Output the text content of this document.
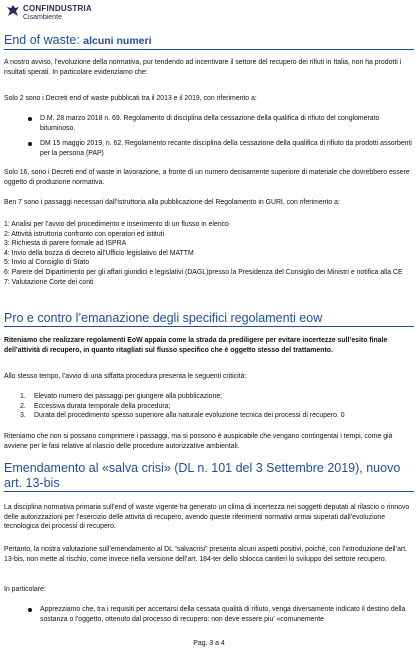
CONFINDUSTRIA
Cisambiente
End of waste: alcuni numeri
A nostro avviso, l’evoluzione della normativa, pur tendendo ad incentivare il settore del recupero dei rifiuti in Italia, non ha prodotti i risultati sperati. In particolare evidenziamo che:
Solo 2 sono i Decreti end of waste pubblicati tra il 2013 e il 2019, con riferimento a:
D.M. 28 marzo 2018 n. 69. Regolamento di disciplina della cessazione della qualifica di rifiuto del conglomerato bituminoso.
DM 15 maggio 2019, n. 62. Regolamento recante disciplina della cessazione della qualifica di rifiuto da prodotti assorbenti per la persona (PAP)
Solo 16, sono i Decreti end of waste in lavorazione, a fronte di un numero decisamente superiore di materiale che dovrebbero essere oggetto di produzione normativa.
Ben 7 sono i passaggi necessari dall’istruttoria alla pubblicazione del Regolamento in GURI, con riferimento a:
1: Analisi per l’avvio del procedimento e inserimento di un flusso in elenco
2: Attività istruttoria confronto con operatori ed istituti
3: Richiesta di parere formale ad ISPRA
4: Invio della bozza di decreto all’Ufficio legislativo del MATTM
5: Invio al Consiglio di Stato
6: Parere del Dipartimento per gli affari giuridici e legislativi (DAGL)presso la Presidenza del Consiglio dei Ministri e notifica alla CE
7: Valutazione Corte dei conti
Pro e contro l’emanazione degli specifici regolamenti eow
Riteniamo che realizzare regolamenti EoW appaia come la strada da prediligere per evitare incertezze sull’esito finale dell’attività di recupero, in quanto ritagliati sul flusso specifico che è oggetto stesso del trattamento.
Allo stesso tempo, l’avvio di una siffatta procedura presenta le seguenti criticità:
1.	Elevato numero dei passaggi per giungere alla pubblicazione;
2.	Eccessiva durata temporale della procedura;
3.	Durata del procedimento spesso superiore alla naturale evoluzione tecnica dei processi di recupero. 0
Riteniamo che non si possano comprimere i passaggi, ma si possono è auspicabile che vengano contingentai i tempi, come già avviene per le fasi relative al rilascio delle procedure autorizzative ambientali.
Emendamento al «salva crisi» (DL n. 101 del 3 Settembre 2019), nuovo art. 13-bis
La disciplina normativa primaria sull’end of waste vigente ha generato un clima di incertezza nei soggetti deputati al rilascio o rinnovo delle autorizzazioni per l’esercizio delle attività di recupero, avendo queste riferimenti normativi ormai superati dall’evoluzione tecnologica dei processi di recupero.
Pertanto, la nostra valutazione sull’emendamento al DL “salvacrisi” presenta alcuni aspetti positivi, poiché, con l’introduzione dell’art. 13-bis, non mette al rischio, come invece nella versione dell’art. 184-ter dello sblocca cantieri lo sviluppo del settore recupero.
In particolare:
Apprezziamo che, tra i requisiti per accertarsi della cessata qualità di rifiuto, venga diversamente indicato il destino della sostanza o l’oggetto, ottenuto dal processo di recupero: non deve essere piu’ «comunemente
Pag. 3 a 4
